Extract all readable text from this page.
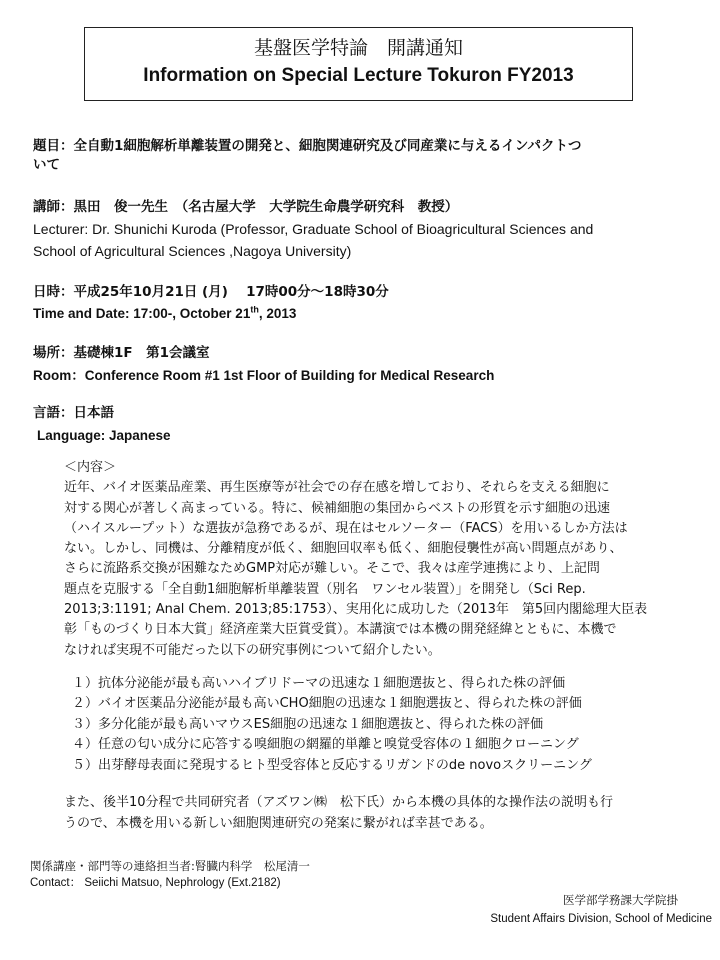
基盤医学特論　開講通知
Information on Special Lecture Tokuron FY2013
題目：全自動1細胞解析単離装置の開発と、細胞関連研究及び同産業に与えるインパクトつ
いて
講師：黒田　俊一先生　（名古屋大学　大学院生命農学研究科　教授）
Lecturer: Dr. Shunichi Kuroda (Professor, Graduate School of Bioagricultural Sciences and
School of Agricultural Sciences ,Nagoya University)
日時：平成25年10月21日 (月)　 17時00分～18時30分
Time and Date: 17:00-, October 21th, 2013
場所：基礎棟1F　第1会議室
Room：Conference Room #1 1st Floor of Building for Medical Research
言語：日本語
Language: Japanese
＜内容＞
近年、バイオ医薬品産業、再生医療等が社会での存在感を増しており、それらを支える細胞に
対する関心が著しく高まっている。特に、候補細胞の集団からベストの形質を示す細胞の迅速
（ハイスループット）な選抜が急務であるが、現在はセルソーター（FACS）を用いるしか方法は
ない。しかし、同機は、分離精度が低く、細胞回収率も低く、細胞侵襲性が高い問題点があり、
さらに流路系交換が困難なためGMP対応が難しい。そこで、我々は産学連携により、上記問
題点を克服する「全自動1細胞解析単離装置（別名　ワンセル装置）」を開発し（Sci Rep.
2013;3:1191; Anal Chem. 2013;85:1753）、実用化に成功した（2013年　第5回内閣総理大臣表
彰「ものづくり日本大賞」経済産業大臣賞受賞）。本講演では本機の開発経緯とともに、本機で
なければ実現不可能だった以下の研究事例について紹介したい。
１）抗体分泌能が最も高いハイブリドーマの迅速な１細胞選抜と、得られた株の評価
２）バイオ医薬品分泌能が最も高いCHO細胞の迅速な１細胞選抜と、得られた株の評価
３）多分化能が最も高いマウスES細胞の迅速な１細胞選抜と、得られた株の評価
４）任意の匂い成分に応答する嗅細胞の網羅的単離と嗅覚受容体の１細胞クローニング
５）出芽酵母表面に発現するヒト型受容体と反応するリガンドのde novoスクリーニング
また、後半10分程で共同研究者（アズワン㈱　松下氏）から本機の具体的な操作法の説明も行
うので、本機を用いる新しい細胞関連研究の発案に繋がれば幸甚である。
関係講座・部門等の連絡担当者:腎臓内科学　松尾清一
Contact： Seiichi Matsuo, Nephrology (Ext.2182)
医学部学務課大学院掛
Student Affairs Division, School of Medicine
